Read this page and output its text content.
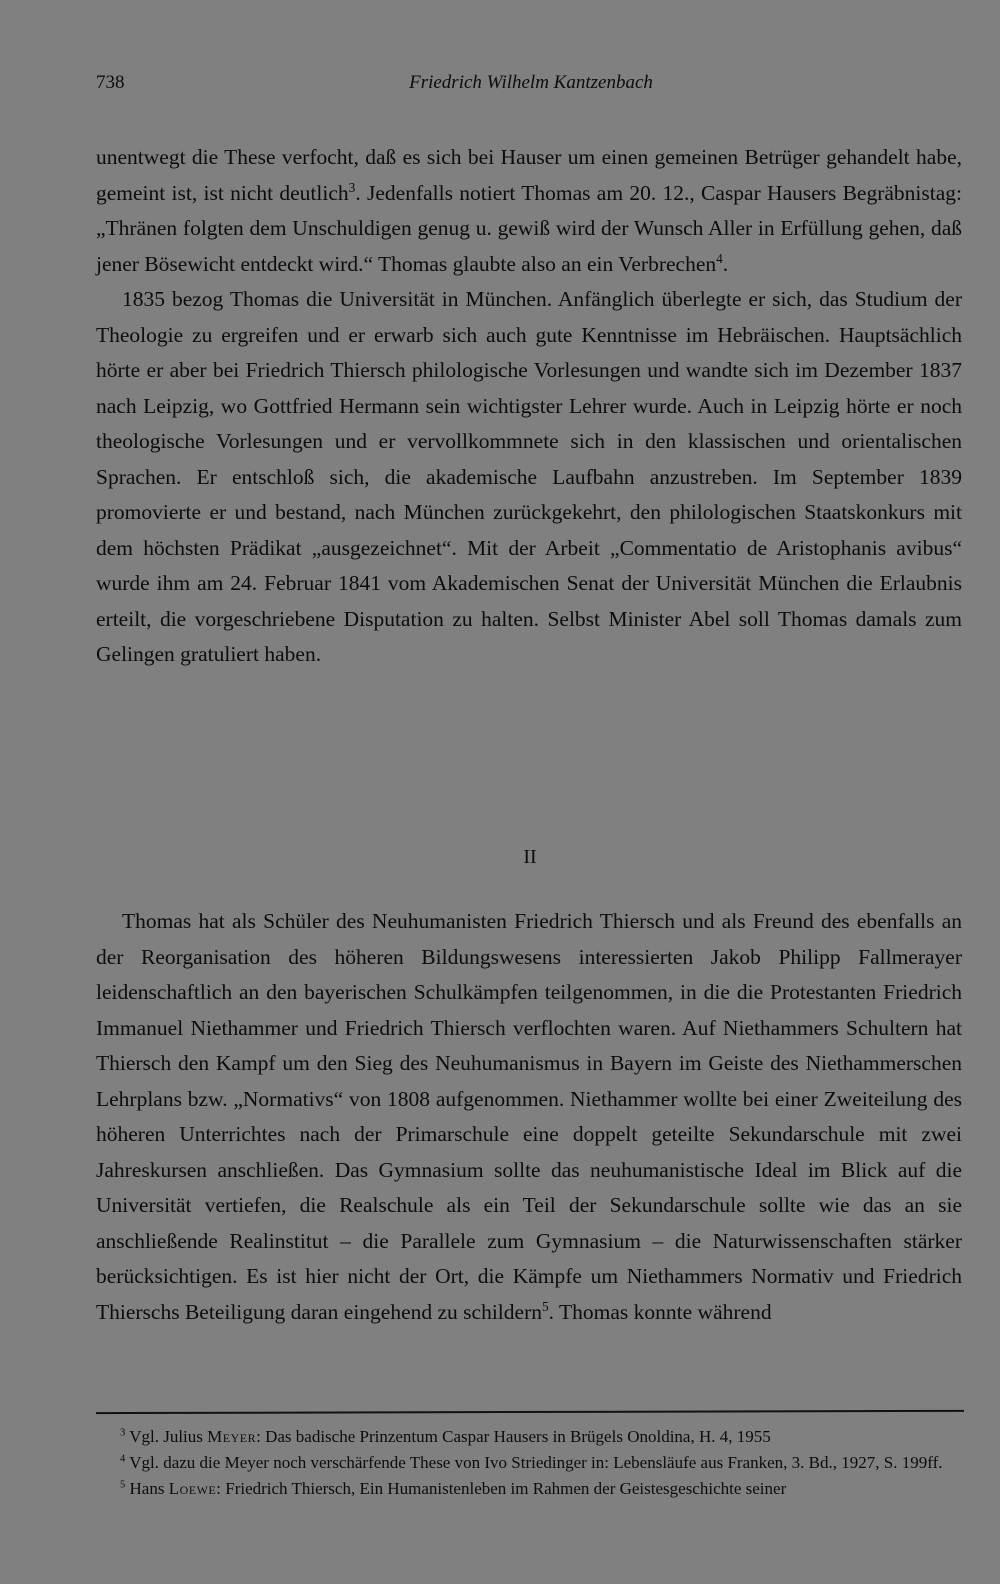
738	Friedrich Wilhelm Kantzenbach

unentwegt die These verfocht, daß es sich bei Hauser um einen gemeinen Betrüger gehandelt habe, gemeint ist, ist nicht deutlich$^3$. Jedenfalls notiert Thomas am 20. 12., Caspar Hausers Begräbnistag: „Thränen folgten dem Unschuldigen genug u. gewiß wird der Wunsch Aller in Erfüllung gehen, daß jener Bösewicht entdeckt wird.“ Thomas glaubte also an ein Verbrechen$^4$.

1835 bezog Thomas die Universität in München. Anfänglich überlegte er sich, das Studium der Theologie zu ergreifen und er erwarb sich auch gute Kenntnisse im Hebräischen. Hauptsächlich hörte er aber bei Friedrich Thiersch philologische Vorlesungen und wandte sich im Dezember 1837 nach Leipzig, wo Gottfried Hermann sein wichtigster Lehrer wurde. Auch in Leipzig hörte er noch theologische Vorlesungen und er vervollkommnete sich in den klassischen und orientalischen Sprachen. Er entschloß sich, die akademische Laufbahn anzustreben. Im September 1839 promovierte er und bestand, nach München zurückgekehrt, den philologischen Staatskonkurs mit dem höchsten Prädikat „ausgezeichnet“. Mit der Arbeit „Commentatio de Aristophanis avibus“ wurde ihm am 24. Februar 1841 vom Akademischen Senat der Universität München die Erlaubnis erteilt, die vorgeschriebene Disputation zu halten. Selbst Minister Abel soll Thomas damals zum Gelingen gratuliert haben.

II

Thomas hat als Schüler des Neuhumanisten Friedrich Thiersch und als Freund des ebenfalls an der Reorganisation des höheren Bildungswesens interessierten Jakob Philipp Fallmerayer leidenschaftlich an den bayerischen Schulkämpfen teilgenommen, in die die Protestanten Friedrich Immanuel Niethammer und Friedrich Thiersch verflochten waren. Auf Niethammers Schultern hat Thiersch den Kampf um den Sieg des Neuhumanismus in Bayern im Geiste des Niethammerschen Lehrplans bzw. „Normativs“ von 1808 aufgenommen. Niethammer wollte bei einer Zweiteilung des höheren Unterrichtes nach der Primarschule eine doppelt geteilte Sekundarschule mit zwei Jahreskursen anschließen. Das Gymnasium sollte das neuhumanistische Ideal im Blick auf die Universität vertiefen, die Realschule als ein Teil der Sekundarschule sollte wie das an sie anschließende Realinstitut – die Parallele zum Gymnasium – die Naturwissenschaften stärker berücksichtigen. Es ist hier nicht der Ort, die Kämpfe um Niethammers Normativ und Friedrich Thierschs Beteiligung daran eingehend zu schildern$^5$. Thomas konnte während

$^3$ Vgl. Julius Meyer: Das badische Prinzentum Caspar Hausers in Brügels Onoldina, H. 4, 1955

$^4$ Vgl. dazu die Meyer noch verschärfende These von Ivo Striedinger in: Lebensläufe aus Franken, 3. Bd., 1927, S. 199ff.

$^5$ Hans Loewe: Friedrich Thiersch, Ein Humanistenleben im Rahmen der Geistesgeschichte seiner
